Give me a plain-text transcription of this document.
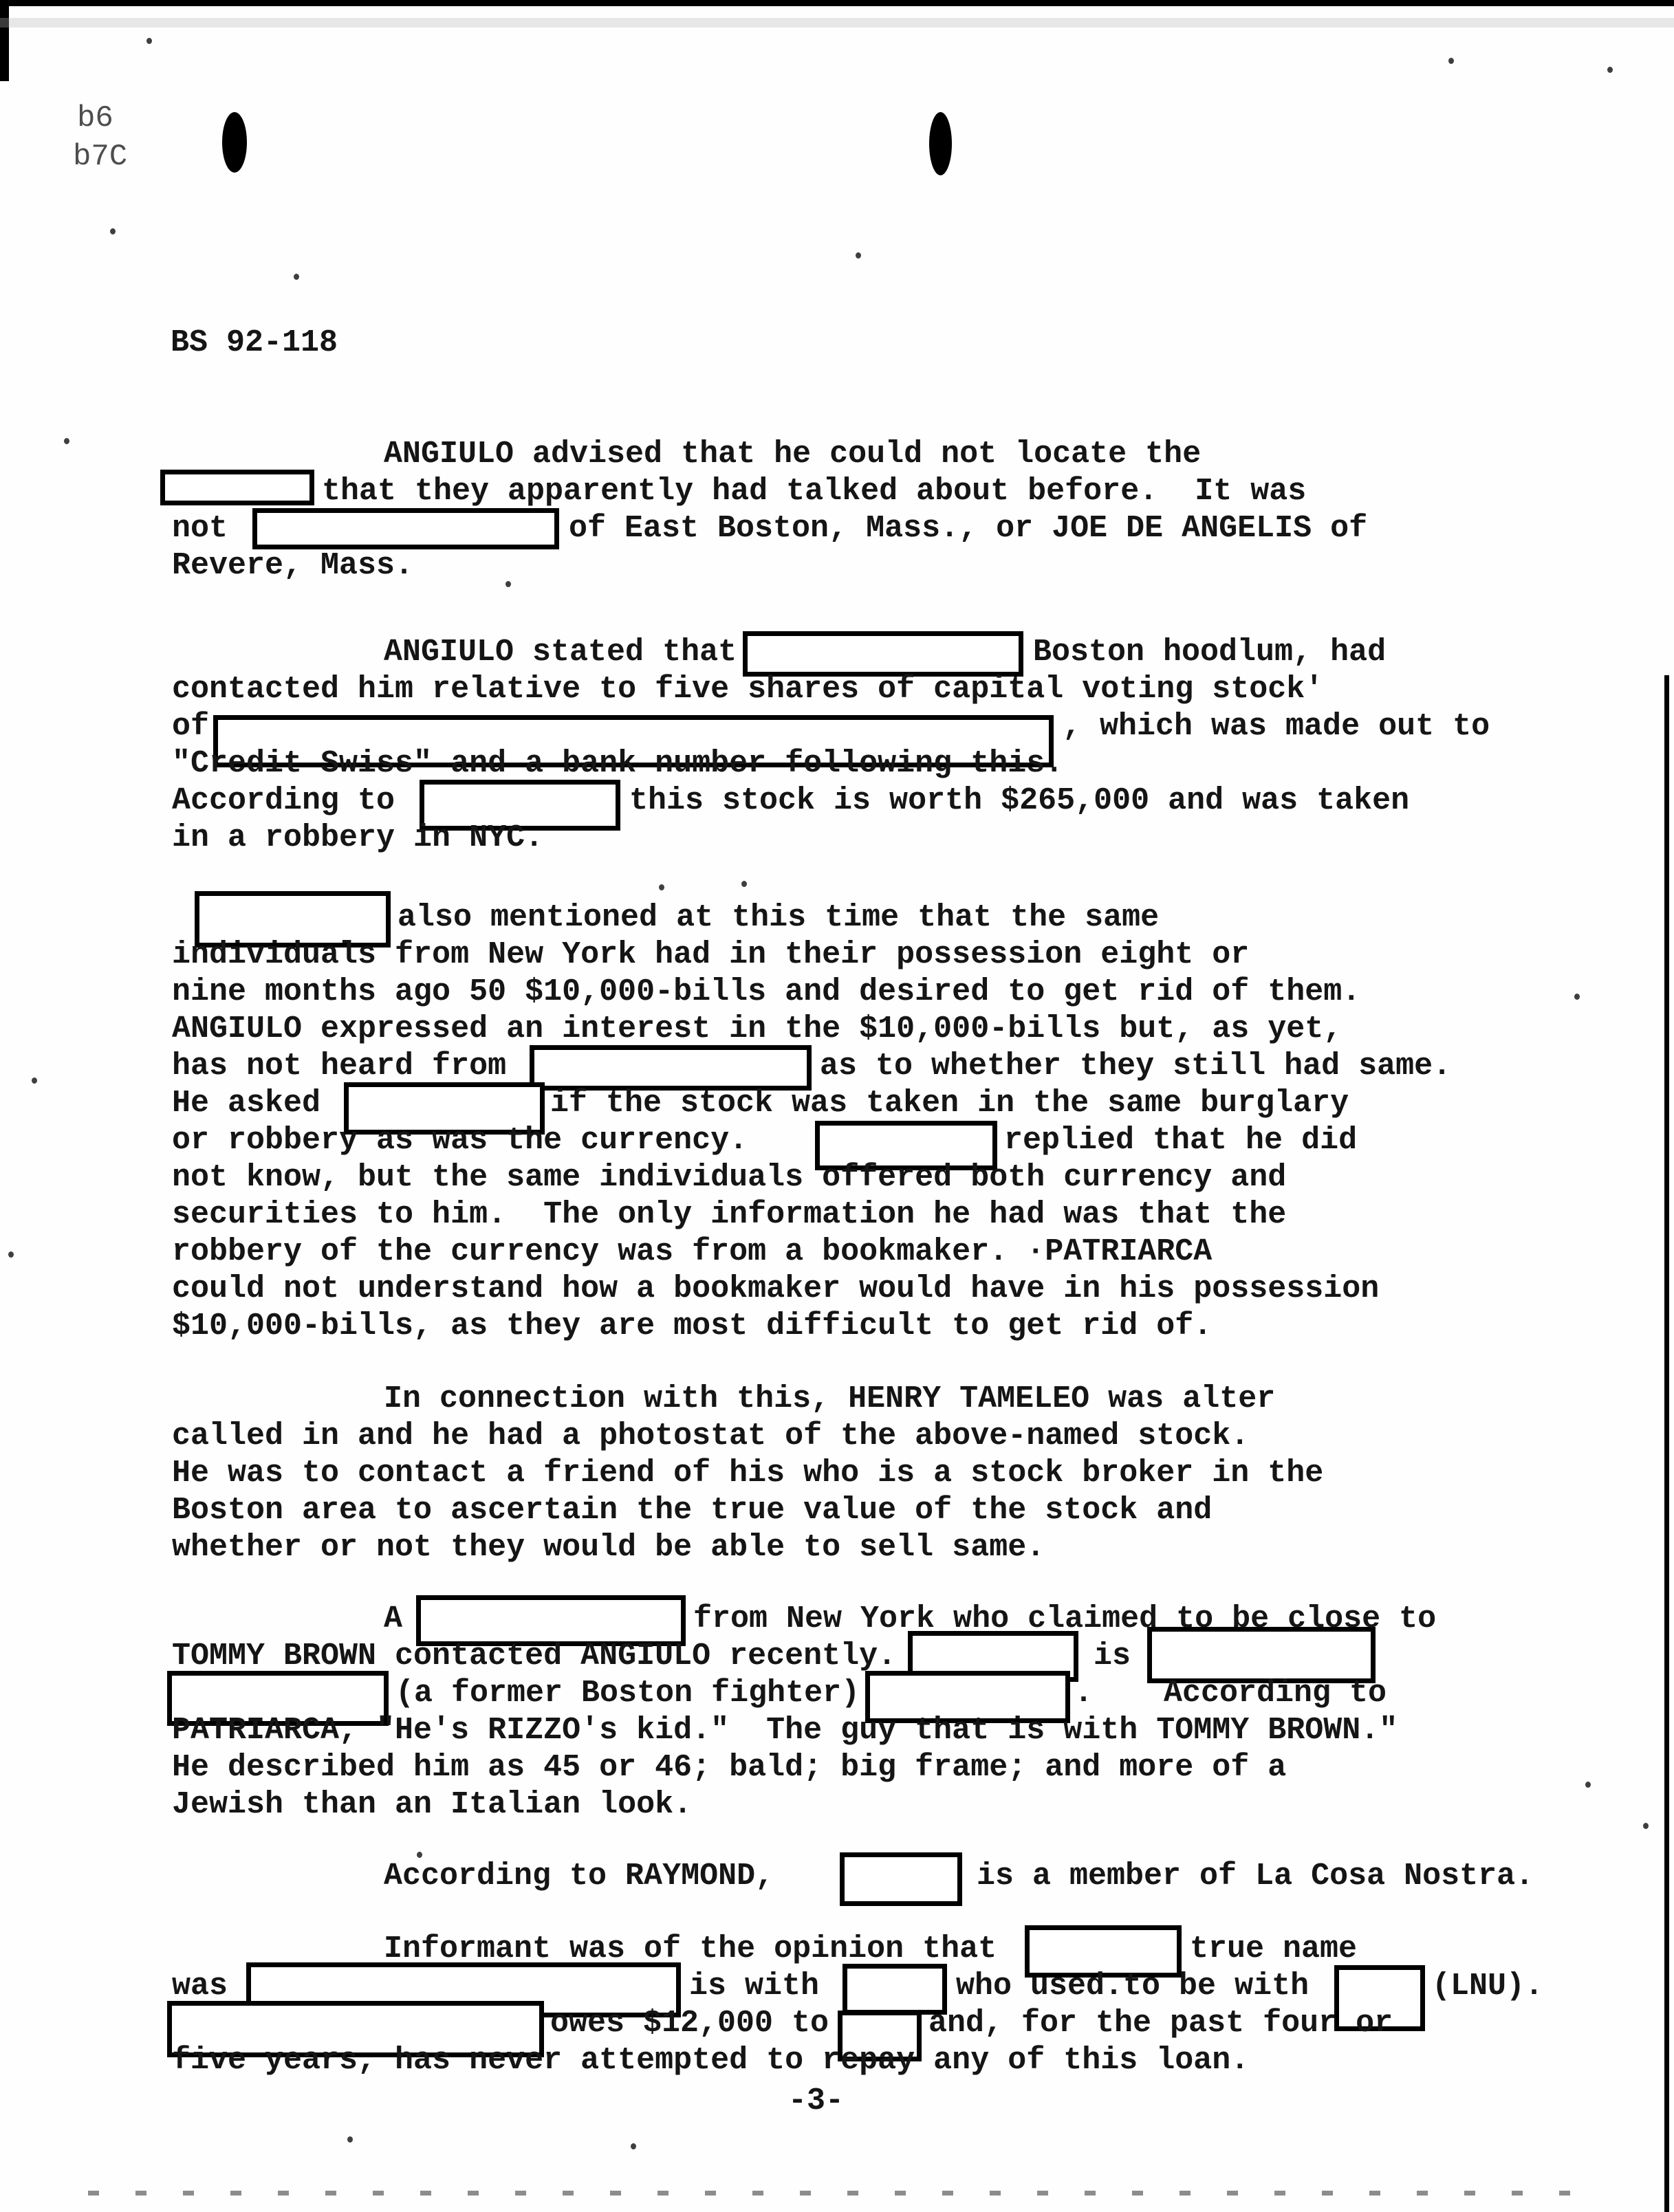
b6
b7C
BS 92-118
ANGIULO advised that he could not locate the
that they apparently had talked about before.  It was
not	of East Boston, Mass., or JOE DE ANGELIS of
Revere, Mass.
ANGIULO stated that	Boston hoodlum, had
contacted him relative to five shares of capital voting stock'
of	, which was made out to
"Credit Swiss" and a bank number following this.
According to	this stock is worth $265,000 and was taken
in a robbery in NYC.
also mentioned at this time that the same
individuals from New York had in their possession eight or
nine months ago 50 $10,000-bills and desired to get rid of them.
ANGIULO expressed an interest in the $10,000-bills but, as yet,
has not heard from	as to whether they still had same.
He asked	if the stock was taken in the same burglary
or robbery as was the currency.	replied that he did
not know, but the same individuals offered both currency and
securities to him.  The only information he had was that the
robbery of the currency was from a bookmaker. ·PATRIARCA
could not understand how a bookmaker would have in his possession
$10,000-bills, as they are most difficult to get rid of.
In connection with this, HENRY TAMELEO was alter
called in and he had a photostat of the above-named stock.
He was to contact a friend of his who is a stock broker in the
Boston area to ascertain the true value of the stock and
whether or not they would be able to sell same.
A	from New York who claimed to be close to
TOMMY BROWN contacted ANGIULO recently.	is
(a former Boston fighter)	. According to
PATRIARCA, "He's RIZZO's kid."  The guy that is with TOMMY BROWN."
He described him as 45 or 46; bald; big frame; and more of a
Jewish than an Italian look.
According to RAYMOND,	is a member of La Cosa Nostra.
Informant was of the opinion that	true name
was	is with	who used.to be with	(LNU).
owes $12,000 to	and, for the past four or
five years, has never attempted to repay any of this loan.
-3-
